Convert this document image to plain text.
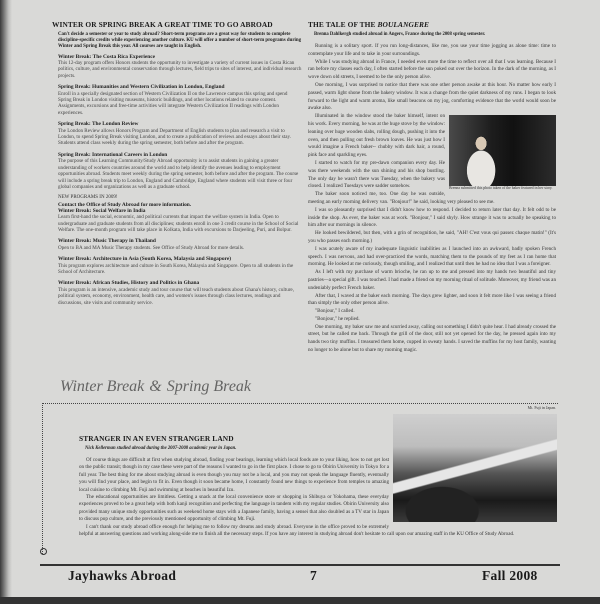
WINTER OR SPRING BREAK A GREAT TIME TO GO ABROAD
Can't decide a semester or year to study abroad? Short-term programs are a great way for students to complete discipline-specific credits while experiencing another culture. KU will offer a number of short-term programs during Winter and Spring Break this year. All courses are taught in English.
Winter Break: The Costa Rica Experience
This 12-day program offers Honors students the opportunity to investigate a variety of current issues in Costa Rican politics, culture, and environmental conservation through lectures, field trips to sites of interest, and individual research projects.
Spring Break: Humanities and Western Civilization in London, England
Enroll in a specially designated section of Western Civilization II on the Lawrence campus this spring and spend Spring Break in London visiting museums, historic buildings, and other locations related to course content. Assignments, excursions and free-time activities will integrate Western Civilization II readings with London experiences.
Spring Break: The London Review
The London Review allows Honors Program and Department of English students to plan and research a visit to London, to spend Spring Break visiting London, and to create a publication of reviews and essays about their stay. Students attend class weekly during the spring semester, both before and after the program.
Spring Break: International Careers in London
The purpose of this Learning Community/Study Abroad opportunity is to assist students in gaining a greater understanding of workers countries around the world and to help identify the avenues leading to employment opportunities abroad. Students meet weekly during the spring semester, both before and after the program. The course will include a spring break trip to London, England and Cambridge, England where students will visit three or four global companies and organizations as well as a graduate school.
NEW PROGRAMS IN 2009!
Contact the Office of Study Abroad for more information.
Winter Break: Social Welfare in India
Learn first-hand the social, economic, and political currents that impact the welfare system in India. Open to undergraduate and graduate students from all disciplines; students enroll in one 3 credit course in the School of Social Welfare. The one-month program will take place in Kolkata, India with excursions to Darjeeling, Puri, and Bolpur.
Winter Break: Music Therapy in Thailand
Open to BA and MA Music Therapy students. See Office of Study Abroad for more details.
Winter Break: Architecture in Asia (South Korea, Malaysia and Singapore)
This program explores architecture and culture in South Korea, Malaysia and Singapore. Open to all students in the School of Architecture.
Winter Break: African Studies, History and Politics in Ghana
This program is an intensive, academic study and tour course that will teach students about Ghana's history, culture, political system, economy, environment, health care, and women's issues through class lectures, readings and discussions, site visits and community service.
Winter Break & Spring Break
THE TALE OF THE BOULANGERE
Brenna Dahlkergh studied abroad in Angers, France during the 2008 spring semester.

Running is a solitary sport. If you run long-distances, like me, you use your time jogging as alone time: time to contemplate your life and to take in your surroundings.

While I was studying abroad in France, I needed even more the time to reflect over all that I was learning. Because I ran before my classes each day, I often started before the sun poked out over the horizon. In the dark of the morning, as I wove down old streets, I seemed to be the only person alive.

One morning, I was surprised to notice that there was one other person awake at this hour. No matter how early I passed, warm light shone from the bakery window. It was a change from the quiet darkness of my runs. I began to look forward to the light and warm aroma, like small beacons on my jog, comforting evidence that the world would soon be awake also.

Brenna submitted this photo taken of the baker featured in her story.

Illuminated in the window stood the baker himself, intent on his work. Every morning, he was at the huge stove by the window: leaning over huge wooden slabs, rolling dough, pushing it into the oven, and then pulling out fresh brown loaves. He was just how I would imagine a French baker-- chubby with dark hair, a round, pink face and sparkling eyes.

I started to watch for my pre-dawn companion every day. He was there weekends with the sun shining and his shop bustling. The only day he wasn't there was Tuesday, when the bakery was closed. I realized Tuesdays were sadder somehow.

The baker soon noticed me, too. One day he was outside, meeting an early morning delivery van. "Bonjour!" he said, looking very pleased to see me.

I was so pleasantly surprised that I didn't know how to respond. I decided to return later that day. It felt odd to be inside the shop. As ever, the baker was at work. "Bonjour," I said shyly. How strange it was to actually be speaking to him after our mornings in silence.

He looked bewildered, but then, with a grin of recognition, he said, "AH! C'est vous qui passez chaque matin!" (It's you who passes each morning.)

I was acutely aware of my inadequate linguistic inabilities as I launched into an awkward, badly spoken French speech. I was nervous, and had over-practiced the words, matching them to the pounds of my feet as I ran home that morning. He looked at me curiously, though smiling, and I realized that until then he had no idea that I was a foreigner.

As I left with my purchase of warm brioche, he ran up to me and pressed into my hands two beautiful and tiny pastries—a special gift. I was touched. I had made a friend on my morning ritual of solitude. Moreover, my friend was an undeniably perfect French baker.

After that, I waved at the baker each morning. The days grew lighter, and soon it felt more like I was seeing a friend than simply the only other person alive.

"Bonjour," I called.

"Bonjour," he replied.

One morning, my baker saw me and scurried away, calling out something I didn't quite hear. I had already crossed the street, but he called me back. Through the grill of the door, still not yet opened for the day, he pressed again into my hands two tiny muffins. I treasured them home, cupped in sweaty hands. I saved the muffins for my host family, wanting no longer to be alone but to share my morning magic.

Mt. Fuji in Japan.
STRANGER IN AN EVEN STRANGER LAND
Nick Kellerman studied abroad during the 2007-2008 academic year in Japan.

Of course things are difficult at first when studying abroad, finding your bearings, learning which local foods are to your liking, how to not get lost on the public transit; though in my case these were part of the reasons I wanted to go in the first place. I chose to go to Obirin University in Tokyo for a full year. The best thing for me about studying abroad is even though you may not be a local, and you may not speak the language fluently, eventually you will find your place, and begin to fit in. Even though it soon became home, I constantly found new things to experience from temples to amazing local cuisine to climbing Mt. Fuji and swimming at beaches in beautiful Izu.

The educational opportunities are limitless. Getting a snack at the local convenience store or shopping in Shibuya or Yokohama, these everyday experiences proved to be a great help with both kanji recognition and perfecting the language in tandem with my regular studies. Obirin University also provided many unique study opportunities such as weekend home stays with a Japanese family, having a sensei that also doubled as a TV star in Japan to discuss pop culture, and the previously mentioned opportunity of climbing Mt. Fuji.

I can't thank our study abroad office enough for helping me to follow my dreams and study abroad. Everyone in the office proved to be extremely helpful at answering questions and working along-side me to finish all the necessary steps. If you have any interest in studying abroad don't hesitate to call upon our amazing staff in the KU Office of Study Abroad.

Jayhawks Abroad	7	Fall 2008
